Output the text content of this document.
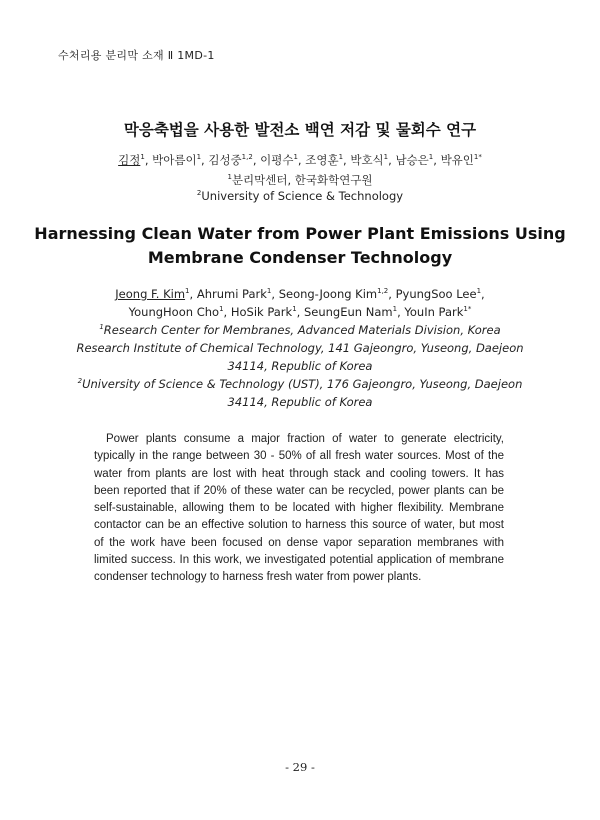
수처리용 분리막 소재 Ⅱ 1MD-1
막응축법을 사용한 발전소 백연 저감 및 물회수 연구
김정$^1$, 박아름이$^1$, 김성중$^{1,2}$, 이평수$^1$, 조영훈$^1$, 박호식$^1$, 남승은$^1$, 박유인$^{1*}$
$^1$분리막센터, 한국화학연구원
$^2$University of Science & Technology
Harnessing Clean Water from Power Plant Emissions Using
Membrane Condenser Technology
Jeong F. Kim$^1$, Ahrumi Park$^1$, Seong-Joong Kim$^{1,2}$, PyungSoo Lee$^1$,
YoungHoon Cho$^1$, HoSik Park$^1$, SeungEun Nam$^1$, YouIn Park$^{1*}$
$^1$Research Center for Membranes, Advanced Materials Division, Korea
Research Institute of Chemical Technology, 141 Gajeongro, Yuseong, Daejeon
34114, Republic of Korea
$^2$University of Science & Technology (UST), 176 Gajeongro, Yuseong, Daejeon
34114, Republic of Korea

Power plants consume a major fraction of water to generate electricity, typically in the range between 30 - 50% of all fresh water sources. Most of the water from plants are lost with heat through stack and cooling towers. It has been reported that if 20% of these water can be recycled, power plants can be self-sustainable, allowing them to be located with higher flexibility. Membrane contactor can be an effective solution to harness this source of water, but most of the work have been focused on dense vapor separation membranes with limited success. In this work, we investigated potential application of membrane condenser technology to harness fresh water from power plants.

- 29 -
